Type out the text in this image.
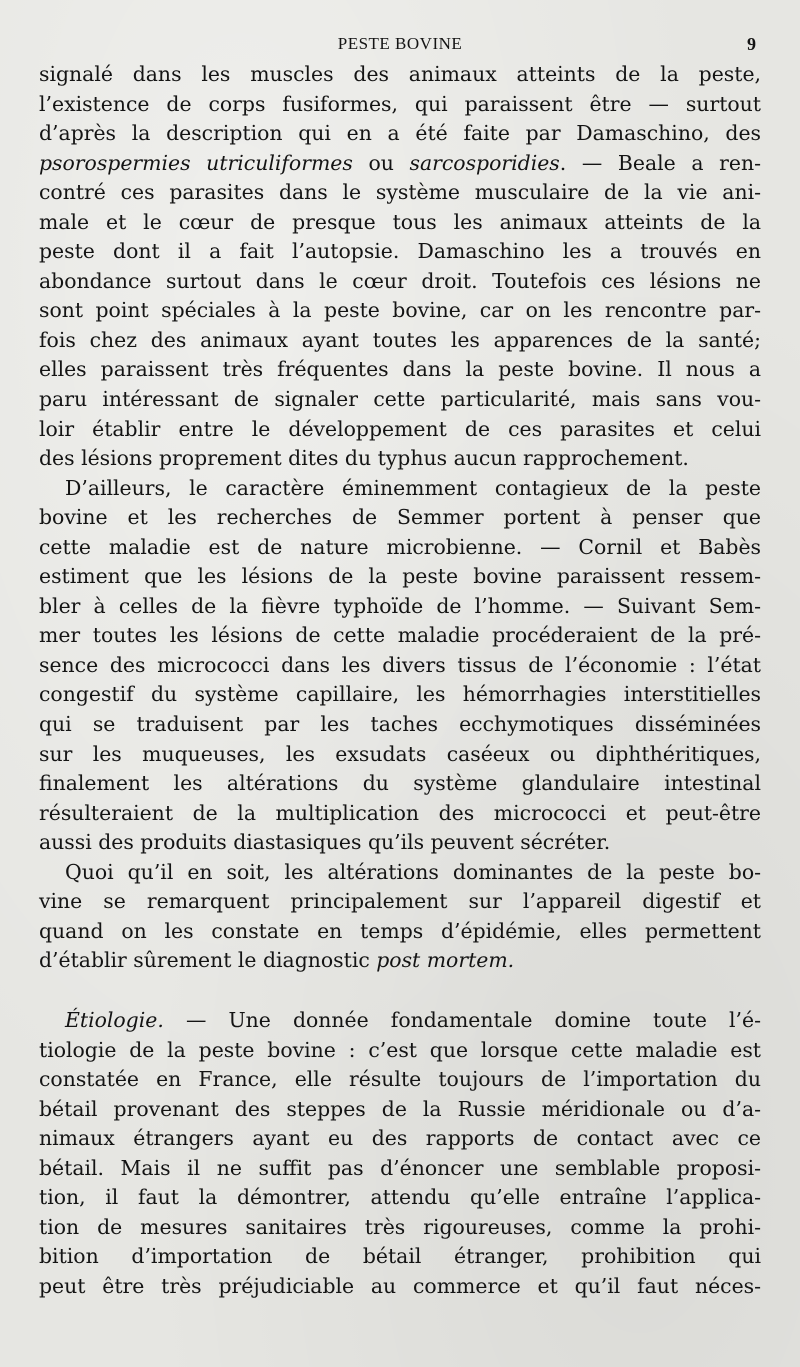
PESTE BOVINE	9
signalé dans les muscles des animaux atteints de la peste,
l’existence de corps fusiformes, qui paraissent être — surtout
d’après la description qui en a été faite par Damaschino, des
psorospermies utriculiformes ou sarcosporidies. — Beale a ren-
contré ces parasites dans le système musculaire de la vie ani-
male et le cœur de presque tous les animaux atteints de la
peste dont il a fait l’autopsie. Damaschino les a trouvés en
abondance surtout dans le cœur droit. Toutefois ces lésions ne
sont point spéciales à la peste bovine, car on les rencontre par-
fois chez des animaux ayant toutes les apparences de la santé;
elles paraissent très fréquentes dans la peste bovine. Il nous a
paru intéressant de signaler cette particularité, mais sans vou-
loir établir entre le développement de ces parasites et celui
des lésions proprement dites du typhus aucun rapprochement.
D’ailleurs, le caractère éminemment contagieux de la peste
bovine et les recherches de Semmer portent à penser que
cette maladie est de nature microbienne. — Cornil et Babès
estiment que les lésions de la peste bovine paraissent ressem-
bler à celles de la fièvre typhoïde de l’homme. — Suivant Sem-
mer toutes les lésions de cette maladie procéderaient de la pré-
sence des micrococci dans les divers tissus de l’économie : l’état
congestif du système capillaire, les hémorrhagies interstitielles
qui se traduisent par les taches ecchymotiques disséminées
sur les muqueuses, les exsudats caséeux ou diphthéritiques,
finalement les altérations du système glandulaire intestinal
résulteraient de la multiplication des micrococci et peut-être
aussi des produits diastasiques qu’ils peuvent sécréter.
Quoi qu’il en soit, les altérations dominantes de la peste bo-
vine se remarquent principalement sur l’appareil digestif et
quand on les constate en temps d’épidémie, elles permettent
d’établir sûrement le diagnostic post mortem.
Étiologie. — Une donnée fondamentale domine toute l’é-
tiologie de la peste bovine : c’est que lorsque cette maladie est
constatée en France, elle résulte toujours de l’importation du
bétail provenant des steppes de la Russie méridionale ou d’a-
nimaux étrangers ayant eu des rapports de contact avec ce
bétail. Mais il ne suffit pas d’énoncer une semblable proposi-
tion, il faut la démontrer, attendu qu’elle entraîne l’applica-
tion de mesures sanitaires très rigoureuses, comme la prohi-
bition d’importation de bétail étranger, prohibition qui
peut être très préjudiciable au commerce et qu’il faut néces-
